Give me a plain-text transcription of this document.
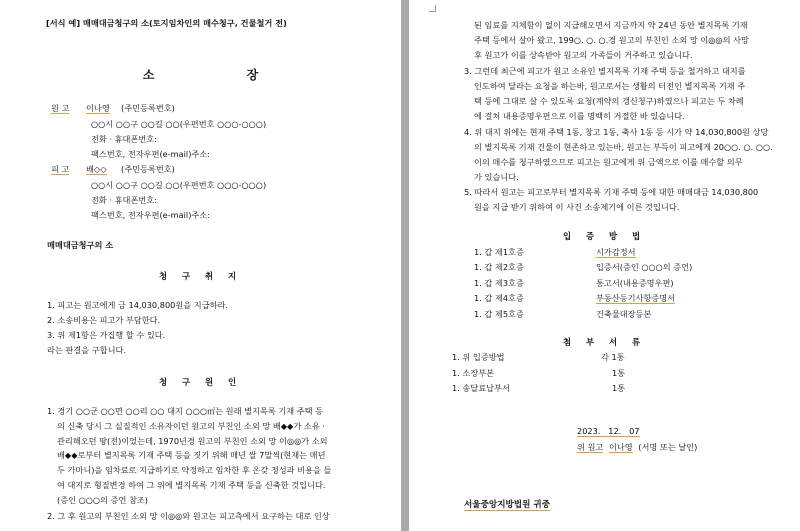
[서식 예] 매매대금청구의 소(토지임차인의 매수청구, 건물철거 전)
소 장
원 고 이나영 (주민등록번호)
○○시 ○○구 ○○길 ○○(우편번호 ○○○-○○○)
전화 · 휴대폰번호:
팩스번호, 전자우편(e-mail)주소:
피 고 배◇◇ (주민등록번호)
○○시 ○○구 ○○길 ○○(우편번호 ○○○-○○○)
전화 · 휴대폰번호:
팩스번호, 전자우편(e-mail)주소:
매매대금청구의 소
청 구 취 지
1. 피고는 원고에게 금 14,030,800원을 지급하라.
2. 소송비용은 피고가 부담한다.
3. 위 제1항은 가집행 할 수 있다.
라는 판결을 구합니다.
청 구 원 인
1. 경기 ○○군 ○○면 ○○리 ○○ 대지 ○○○㎡는 원래 별지목록 기재 주택 등
의 신축 당시 그 실질적인 소유자이던 원고의 부친인 소외 망 배◆◆가 소유 ·
관리해오던 땅(전)이었는데, 1970년경 원고의 부친인 소외 망 이◎◎가 소외
배◆◆로부터 별지목록 기재 주택 등을 짓기 위해 매년 쌀 7말씩(현재는 매년
두 가마니)을 임차료로 지급하기로 약정하고 임차한 후 온갖 정성과 비용을 들
여 대지로 형질변경 하여 그 위에 별지목록 기재 주택 등을 신축한 것입니다.
(증인 ○○○의 증언 참조)
2. 그 후 원고의 부친인 소외 망 이◎◎와 원고는 피고측에서 요구하는 대로 인상
된 임료를 지체함이 없이 지급해오면서 지금까지 약 24년 동안 별지목록 기재
주택 등에서 살아 왔고, 199○. ○. ○.경 원고의 부친인 소외 망 이◎◎의 사망
후 원고가 이를 상속받아 원고의 가족들이 거주하고 있습니다.
3. 그런데 최근에 피고가 원고 소유인 별지목록 기재 주택 등을 철거하고 대지를
인도하여 달라는 요청을 하는바, 원고로서는 생활의 터전인 별지목록 기재 주
택 등에 그대로 살 수 있도록 요청(계약의 갱신청구)하였으나 피고는 두 차례
에 걸쳐 내용증명우편으로 이를 명백히 거절한 바 있습니다.
4. 위 대지 위에는 현재 주택 1동, 창고 1동, 축사 1동 등 시가 약 14,030,800원 상당
의 별지목록 기재 건물이 현존하고 있는바, 원고는 부득이 피고에게 20○○. ○. ○○.
이의 매수를 청구하였으므로 피고는 원고에게 위 금액으로 이를 매수할 의무
가 있습니다.
5. 따라서 원고는 피고로부터 별지목록 기재 주택 등에 대한 매매대금 14,030,800
원을 지급 받기 위하여 이 사건 소송제기에 이른 것입니다.
입 증 방 법
1. 갑 제1호증	시가감정서
1. 갑 제2호증	입증서(증인 ○○○의 증언)
1. 갑 제3호증	통고서(내용증명우편)
1. 갑 제4호증	부동산등기사항증명서
1. 갑 제5호증	건축물대장등본
첨 부 서 류
1. 위 입증방법	각 1통
1. 소장부본	1통
1. 송달료납부서	1통
2023.   12.   07
위 원고 이나영 (서명 또는 날인)
서울중앙지방법원 귀중
